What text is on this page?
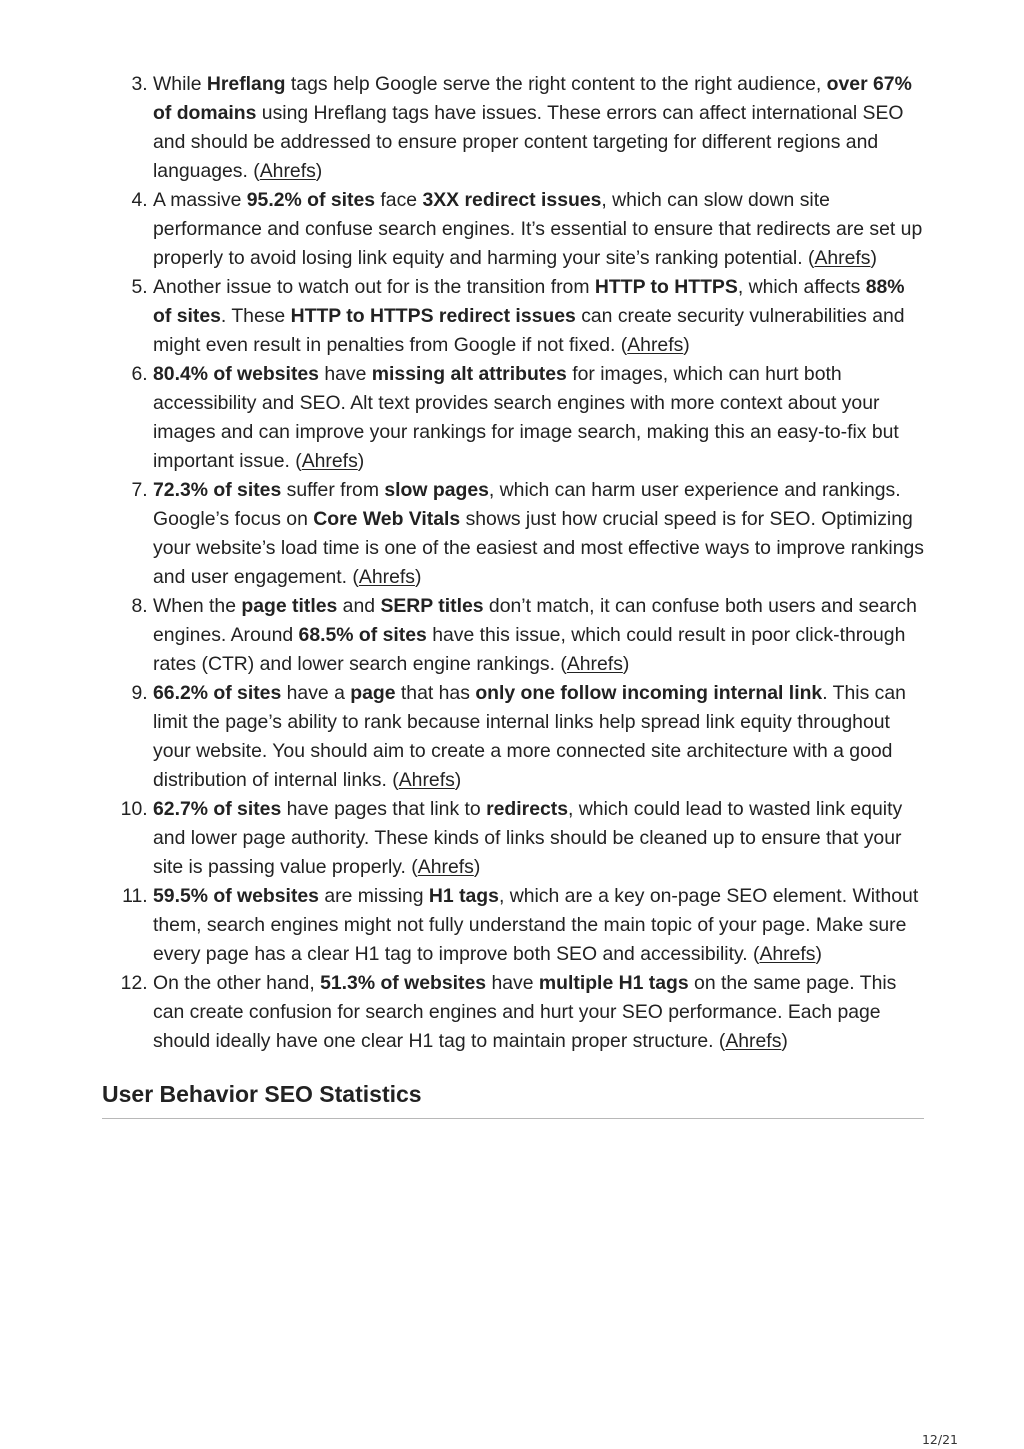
3. While Hreflang tags help Google serve the right content to the right audience, over 67% of domains using Hreflang tags have issues. These errors can affect international SEO and should be addressed to ensure proper content targeting for different regions and languages. (Ahrefs)
4. A massive 95.2% of sites face 3XX redirect issues, which can slow down site performance and confuse search engines. It’s essential to ensure that redirects are set up properly to avoid losing link equity and harming your site’s ranking potential. (Ahrefs)
5. Another issue to watch out for is the transition from HTTP to HTTPS, which affects 88% of sites. These HTTP to HTTPS redirect issues can create security vulnerabilities and might even result in penalties from Google if not fixed. (Ahrefs)
6. 80.4% of websites have missing alt attributes for images, which can hurt both accessibility and SEO. Alt text provides search engines with more context about your images and can improve your rankings for image search, making this an easy-to-fix but important issue. (Ahrefs)
7. 72.3% of sites suffer from slow pages, which can harm user experience and rankings. Google’s focus on Core Web Vitals shows just how crucial speed is for SEO. Optimizing your website’s load time is one of the easiest and most effective ways to improve rankings and user engagement. (Ahrefs)
8. When the page titles and SERP titles don’t match, it can confuse both users and search engines. Around 68.5% of sites have this issue, which could result in poor click-through rates (CTR) and lower search engine rankings. (Ahrefs)
9. 66.2% of sites have a page that has only one follow incoming internal link. This can limit the page’s ability to rank because internal links help spread link equity throughout your website. You should aim to create a more connected site architecture with a good distribution of internal links. (Ahrefs)
10. 62.7% of sites have pages that link to redirects, which could lead to wasted link equity and lower page authority. These kinds of links should be cleaned up to ensure that your site is passing value properly. (Ahrefs)
11. 59.5% of websites are missing H1 tags, which are a key on-page SEO element. Without them, search engines might not fully understand the main topic of your page. Make sure every page has a clear H1 tag to improve both SEO and accessibility. (Ahrefs)
12. On the other hand, 51.3% of websites have multiple H1 tags on the same page. This can create confusion for search engines and hurt your SEO performance. Each page should ideally have one clear H1 tag to maintain proper structure. (Ahrefs)
User Behavior SEO Statistics
12/21
